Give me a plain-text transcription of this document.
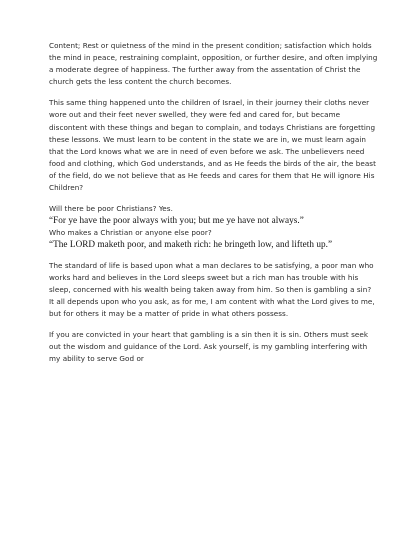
Content; Rest or quietness of the mind in the present condition; satisfaction which holds the mind in peace, restraining complaint, opposition, or further desire, and often implying a moderate degree of happiness. The further away from the assentation of Christ the church gets the less content the church becomes.

This same thing happened unto the children of Israel, in their journey their cloths never wore out and their feet never swelled, they were fed and cared for, but became discontent with these things and began to complain, and todays Christians are forgetting these lessons. We must learn to be content in the state we are in, we must learn again that the Lord knows what we are in need of even before we ask. The unbelievers need food and clothing, which God understands, and as He feeds the birds of the air, the beast of the field, do we not believe that as He feeds and cares for them that He will ignore His Children?

Will there be poor Christians? Yes.

“For ye have the poor always with you; but me ye have not always.”

Who makes a Christian or anyone else poor?

“The LORD maketh poor, and maketh rich: he bringeth low, and lifteth up.”

The standard of life is based upon what a man declares to be satisfying, a poor man who works hard and believes in the Lord sleeps sweet but a rich man has trouble with his sleep, concerned with his wealth being taken away from him. So then is gambling a sin? It all depends upon who you ask, as for me, I am content with what the Lord gives to me, but for others it may be a matter of pride in what others possess.

If you are convicted in your heart that gambling is a sin then it is sin. Others must seek out the wisdom and guidance of the Lord. Ask yourself, is my gambling interfering with my ability to serve God or
